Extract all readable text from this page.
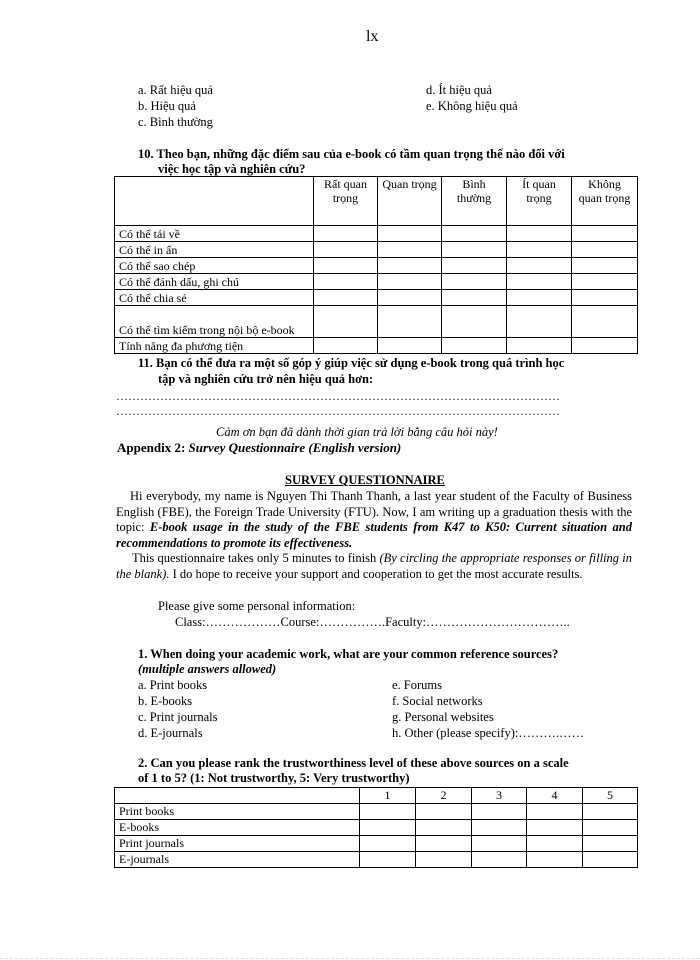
lx
a. Rất hiệu quả
b. Hiệu quả
c. Bình thường
d. Ít hiệu quả
e. Không hiệu quả
10. Theo bạn, những đặc điểm sau của e-book có tầm quan trọng thế nào đối với
việc học tập và nghiên cứu?
	Rất quan trọng	Quan trọng	Bình thường	Ít quan trọng	Không quan trọng
Có thể tải về					
Có thể in ấn					
Có thể sao chép					
Có thể đánh dấu, ghi chú					
Có thể chia sẻ					
Có thể tìm kiếm trong nội bộ e-book					
Tính năng đa phương tiện					
11. Bạn có thể đưa ra một số góp ý giúp việc sử dụng e-book trong quá trình học
tập và nghiên cứu trở nên hiệu quả hơn:
…………………………………………………………………………………………………
…………………………………………………………………………………………………
Cảm ơn bạn đã dành thời gian trả lời bằng câu hỏi này!
Appendix 2: Survey Questionnaire (English version)
SURVEY QUESTIONNAIRE
Hi everybody, my name is Nguyen Thi Thanh Thanh, a last year student of the Faculty of Business English (FBE), the Foreign Trade University (FTU). Now, I am writing up a graduation thesis with the topic: E-book usage in the study of the FBE students from K47 to K50: Current situation and recommendations to promote its effectiveness.
This questionnaire takes only 5 minutes to finish (By circling the appropriate responses or filling in the blank). I do hope to receive your support and cooperation to get the most accurate results.
Please give some personal information:
Class:………………Course:…………….Faculty:……………………………..
1. When doing your academic work, what are your common reference sources?
(multiple answers allowed)
a. Print books
b. E-books
c. Print journals
d. E-journals
e. Forums
f. Social networks
g. Personal websites
h. Other (please specify):……….……
2. Can you please rank the trustworthiness level of these above sources on a scale
of 1 to 5? (1: Not trustworthy, 5: Very trustworthy)
	1	2	3	4	5
Print books					
E-books					
Print journals					
E-journals					
